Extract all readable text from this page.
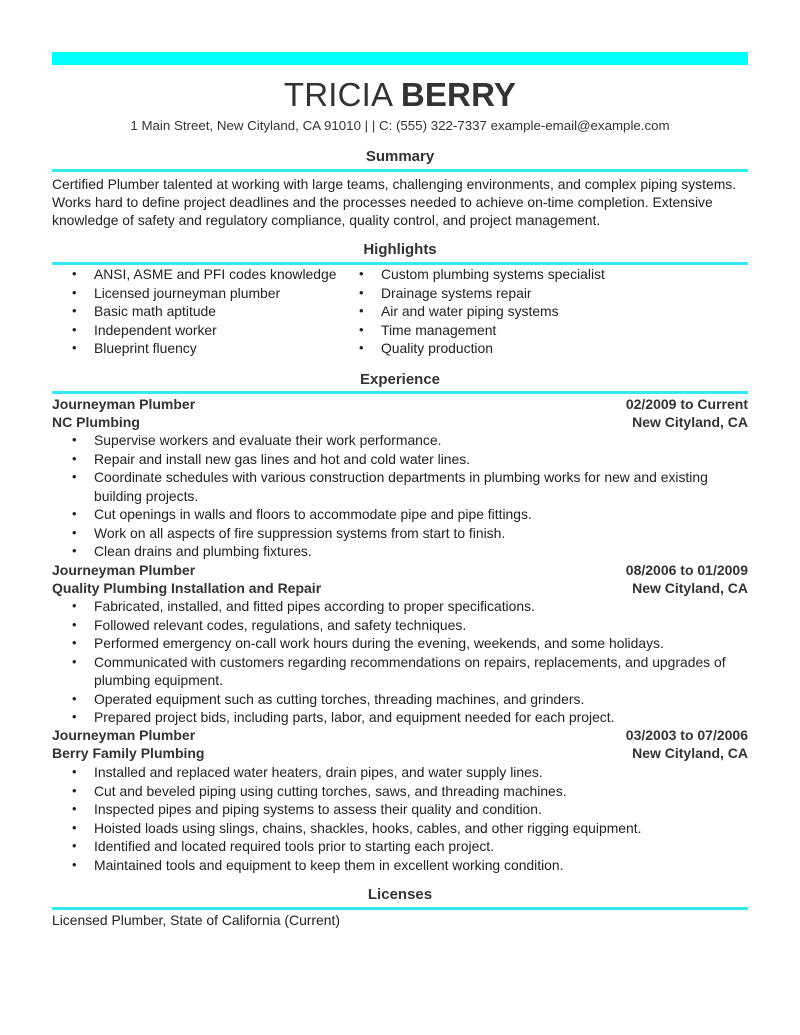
TRICIA BERRY
1 Main Street, New Cityland, CA 91010 | | C: (555) 322-7337 example-email@example.com
Summary
Certified Plumber talented at working with large teams, challenging environments, and complex piping systems.
Works hard to define project deadlines and the processes needed to achieve on-time completion. Extensive
knowledge of safety and regulatory compliance, quality control, and project management.
Highlights
• ANSI, ASME and PFI codes knowledge
• Licensed journeyman plumber
• Basic math aptitude
• Independent worker
• Blueprint fluency
• Custom plumbing systems specialist
• Drainage systems repair
• Air and water piping systems
• Time management
• Quality production
Experience
Journeyman Plumber	02/2009 to Current
NC Plumbing	New Cityland, CA
• Supervise workers and evaluate their work performance.
• Repair and install new gas lines and hot and cold water lines.
• Coordinate schedules with various construction departments in plumbing works for new and existing building projects.
• Cut openings in walls and floors to accommodate pipe and pipe fittings.
• Work on all aspects of fire suppression systems from start to finish.
• Clean drains and plumbing fixtures.
Journeyman Plumber	08/2006 to 01/2009
Quality Plumbing Installation and Repair	New Cityland, CA
• Fabricated, installed, and fitted pipes according to proper specifications.
• Followed relevant codes, regulations, and safety techniques.
• Performed emergency on-call work hours during the evening, weekends, and some holidays.
• Communicated with customers regarding recommendations on repairs, replacements, and upgrades of plumbing equipment.
• Operated equipment such as cutting torches, threading machines, and grinders.
• Prepared project bids, including parts, labor, and equipment needed for each project.
Journeyman Plumber	03/2003 to 07/2006
Berry Family Plumbing	New Cityland, CA
• Installed and replaced water heaters, drain pipes, and water supply lines.
• Cut and beveled piping using cutting torches, saws, and threading machines.
• Inspected pipes and piping systems to assess their quality and condition.
• Hoisted loads using slings, chains, shackles, hooks, cables, and other rigging equipment.
• Identified and located required tools prior to starting each project.
• Maintained tools and equipment to keep them in excellent working condition.
Licenses
Licensed Plumber, State of California (Current)
